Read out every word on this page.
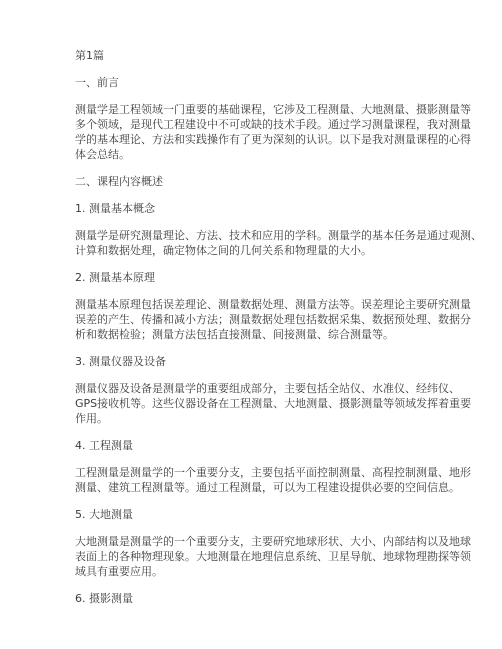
第1篇
一、前言
测量学是工程领域一门重要的基础课程，它涉及工程测量、大地测量、摄影测量等
多个领域，是现代工程建设中不可或缺的技术手段。通过学习测量课程，我对测量
学的基本理论、方法和实践操作有了更为深刻的认识。以下是我对测量课程的心得
体会总结。
二、课程内容概述
1. 测量基本概念
测量学是研究测量理论、方法、技术和应用的学科。测量学的基本任务是通过观测、
计算和数据处理，确定物体之间的几何关系和物理量的大小。
2. 测量基本原理
测量基本原理包括误差理论、测量数据处理、测量方法等。误差理论主要研究测量
误差的产生、传播和减小方法；测量数据处理包括数据采集、数据预处理、数据分
析和数据检验；测量方法包括直接测量、间接测量、综合测量等。
3. 测量仪器及设备
测量仪器及设备是测量学的重要组成部分，主要包括全站仪、水准仪、经纬仪、
GPS接收机等。这些仪器设备在工程测量、大地测量、摄影测量等领域发挥着重要
作用。
4. 工程测量
工程测量是测量学的一个重要分支，主要包括平面控制测量、高程控制测量、地形
测量、建筑工程测量等。通过工程测量，可以为工程建设提供必要的空间信息。
5. 大地测量
大地测量是测量学的一个重要分支，主要研究地球形状、大小、内部结构以及地球
表面上的各种物理现象。大地测量在地理信息系统、卫星导航、地球物理勘探等领
域具有重要应用。
6. 摄影测量
